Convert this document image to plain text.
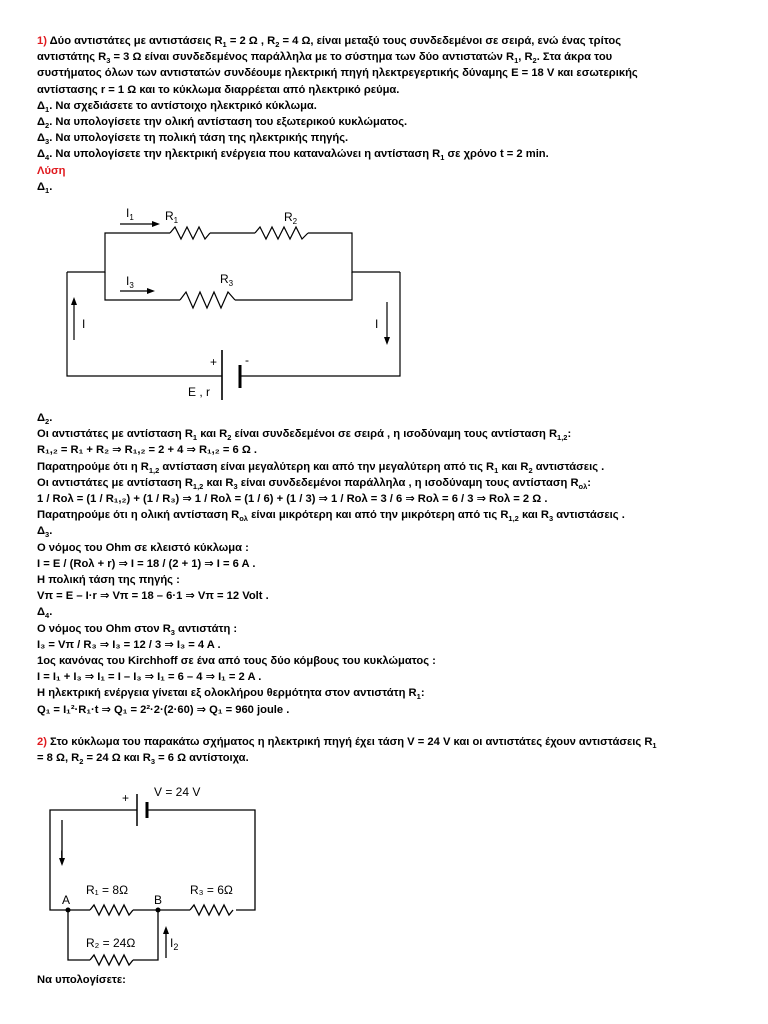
1) Δύο αντιστάτες με αντιστάσεις $R_1 = 2$ Ω , $R_2 = 4$ Ω, είναι μεταξύ τους συνδεδεμένοι σε σειρά, ενώ ένας τρίτος

αντιστάτης $R_3 = 3$ Ω είναι συνδεδεμένος παράλληλα με το σύστημα των δύο αντιστατών $R_1$, $R_2$. Στα άκρα του

συστήματος όλων των αντιστατών συνδέουμε ηλεκτρική πηγή ηλεκτρεγερτικής δύναμης E = 18 V και εσωτερικής

αντίστασης r = 1 Ω και το κύκλωμα διαρρέεται από ηλεκτρικό ρεύμα.

$\Delta_1$. Να σχεδιάσετε το αντίστοιχο ηλεκτρικό κύκλωμα.

$\Delta_2$. Να υπολογίσετε την ολική αντίσταση του εξωτερικού κυκλώματος.

$\Delta_3$. Να υπολογίσετε τη πολική τάση της ηλεκτρικής πηγής.

$\Delta_4$. Να υπολογίσετε την ηλεκτρική ενέργεια που καταναλώνει η αντίσταση $R_1$ σε χρόνο t = 2 min.

Λύση

$\Delta_1$.

$\Delta_2$.

Οι αντιστάτες με αντίσταση $R_1$ και $R_2$ είναι συνδεδεμένοι σε σειρά , η ισοδύναμη τους αντίσταση $R_{1,2}$:

R₁,₂ = R₁ + R₂ ⇒ R₁,₂ = 2 + 4 ⇒ R₁,₂ = 6 Ω .

Παρατηρούμε ότι η $R_{1,2}$ αντίσταση είναι μεγαλύτερη και από την μεγαλύτερη από τις $R_1$ και $R_2$ αντιστάσεις .

Οι αντιστάτες με αντίσταση $R_{1,2}$ και $R_3$ είναι συνδεδεμένοι παράλληλα , η ισοδύναμη τους αντίσταση $R_{o\lambda}$:

1 / Rολ = (1 / R₁,₂) + (1 / R₃) ⇒ 1 / Rολ = (1 / 6) + (1 / 3) ⇒ 1 / Rολ = 3 / 6 ⇒ Rολ = 6 / 3 ⇒ Rολ = 2 Ω .

Παρατηρούμε ότι η ολική αντίσταση $R_{o\lambda}$ είναι μικρότερη και από την μικρότερη από τις $R_{1,2}$ και $R_3$ αντιστάσεις .

$\Delta_3$.

Ο νόμος του Ohm σε κλειστό κύκλωμα :

I = E / (Rολ + r) ⇒ I = 18 / (2 + 1) ⇒ I = 6 A .

Η πολική τάση της πηγής :

Vπ = E – I·r ⇒ Vπ = 18 – 6·1 ⇒ Vπ = 12 Volt .

$\Delta_4$.

Ο νόμος του Ohm στον $R_3$ αντιστάτη :

I₃ = Vπ / R₃ ⇒ I₃ = 12 / 3 ⇒ I₃ = 4 A .

1ος κανόνας του Kirchhoff σε ένα από τους δύο κόμβους του κυκλώματος :

I = I₁ + I₃ ⇒ I₁ = I – I₃ ⇒ I₁ = 6 – 4 ⇒ I₁ = 2 A .

Η ηλεκτρική ενέργεια γίνεται εξ ολοκλήρου θερμότητα στον αντιστάτη $R_1$:

Q₁ = I₁²·R₁·t ⇒ Q₁ = 2²·2·(2·60) ⇒ Q₁ = 960 joule .

2) Στο κύκλωμα του παρακάτω σχήματος η ηλεκτρική πηγή έχει τάση V = 24 V και οι αντιστάτες έχουν αντιστάσεις $R_1$

= 8 Ω, $R_2 = 24$ Ω και $R_3 = 6$ Ω αντίστοιχα.

$I_1$	$R_1$	$R_2$
$I_3$	$R_3$
I	I
+ -
E , r
+ V = 24 V
I
R₁ = 8Ω	R₃ = 6Ω
R₂ = 24Ω	$I_2$
A	B

Να υπολογίσετε:
